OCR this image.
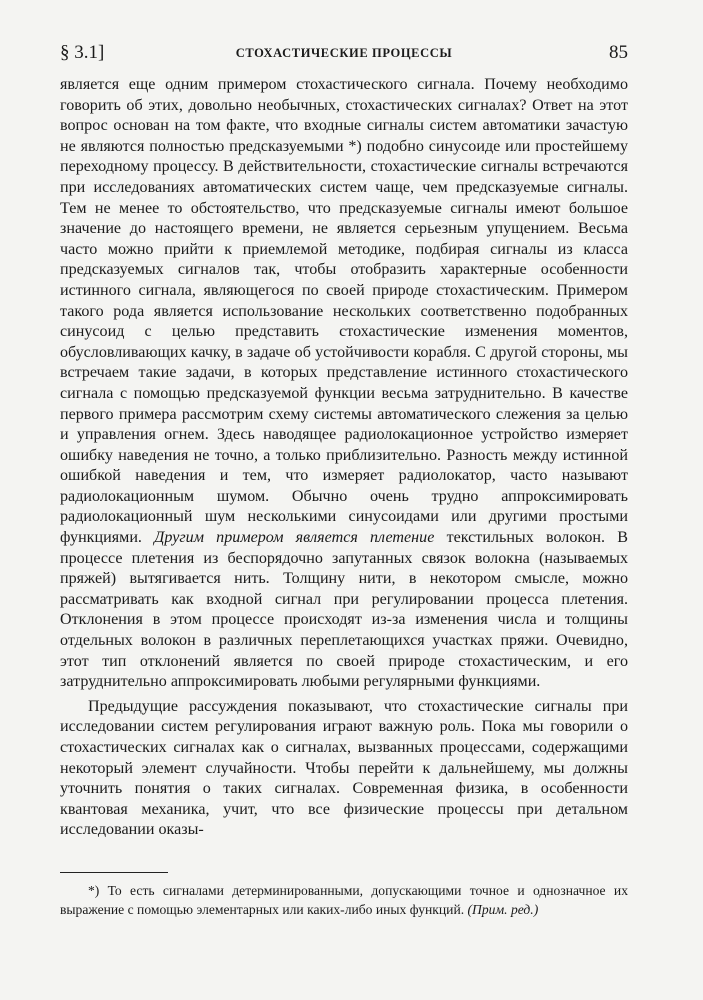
§ 3.1]	СТОХАСТИЧЕСКИЕ ПРОЦЕССЫ	85

является еще одним примером стохастического сигнала. Почему необходимо говорить об этих, довольно необычных, стохастических сигналах? Ответ на этот вопрос основан на том факте, что входные сигналы систем автоматики зачастую не являются полностью предсказуемыми *) подобно синусоиде или простейшему переходному процессу. В действительности, стохастические сигналы встречаются при исследованиях автоматических систем чаще, чем предсказуемые сигналы. Тем не менее то обстоятельство, что предсказуемые сигналы имеют большое значение до настоящего времени, не является серьезным упущением. Весьма часто можно прийти к приемлемой методике, подбирая сигналы из класса предсказуемых сигналов так, чтобы отобразить характерные особенности истинного сигнала, являющегося по своей природе стохастическим. Примером такого рода является использование нескольких соответственно подобранных синусоид с целью представить стохастические изменения моментов, обусловливающих качку, в задаче об устойчивости корабля. С другой стороны, мы встречаем такие задачи, в которых представление истинного стохастического сигнала с помощью предсказуемой функции весьма затруднительно. В качестве первого примера рассмотрим схему системы автоматического слежения за целью и управления огнем. Здесь наводящее радиолокационное устройство измеряет ошибку наведения не точно, а только приблизительно. Разность между истинной ошибкой наведения и тем, что измеряет радиолокатор, часто называют радиолокационным шумом. Обычно очень трудно аппроксимировать радиолокационный шум несколькими синусоидами или другими простыми функциями. Другим примером является плетение текстильных волокон. В процессе плетения из беспорядочно запутанных связок волокна (называемых пряжей) вытягивается нить. Толщину нити, в некотором смысле, можно рассматривать как входной сигнал при регулировании процесса плетения. Отклонения в этом процессе происходят из-за изменения числа и толщины отдельных волокон в различных переплетающихся участках пряжи. Очевидно, этот тип отклонений является по своей природе стохастическим, и его затруднительно аппроксимировать любыми регулярными функциями.

Предыдущие рассуждения показывают, что стохастические сигналы при исследовании систем регулирования играют важную роль. Пока мы говорили о стохастических сигналах как о сигналах, вызванных процессами, содержащими некоторый элемент случайности. Чтобы перейти к дальнейшему, мы должны уточнить понятия о таких сигналах. Современная физика, в особенности квантовая механика, учит, что все физические процессы при детальном исследовании оказы-

*) То есть сигналами детерминированными, допускающими точное и однозначное их выражение с помощью элементарных или каких-либо иных функций. (Прим. ред.)
